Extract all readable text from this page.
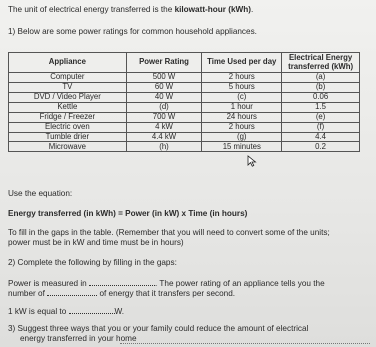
The unit of electrical energy transferred is the kilowatt-hour (kWh).
1) Below are some power ratings for common household appliances.
Appliance	Power Rating	Time Used per day	Electrical Energy transferred (kWh)
Computer	500 W	2 hours	(a)
TV	60 W	5 hours	(b)
DVD / Video Player	40 W	(c)	0.06
Kettle	(d)	1 hour	1.5
Fridge / Freezer	700 W	24 hours	(e)
Electric oven	4 kW	2 hours	(f)
Tumble drier	4.4 kW	(g)	4.4
Microwave	(h)	15 minutes	0.2
Use the equation:
Energy transferred (in kWh) = Power (in kW) x Time (in hours)
To fill in the gaps in the table. (Remember that you will need to convert some of the units;
power must be in kW and time must be in hours)
2) Complete the following by filling in the gaps:
Power is measured in	. The power rating of an appliance tells you the
number of	of energy that it transfers per second.
1 kW is equal to	W.
3) Suggest three ways that you or your family could reduce the amount of electrical
energy transferred in your home
